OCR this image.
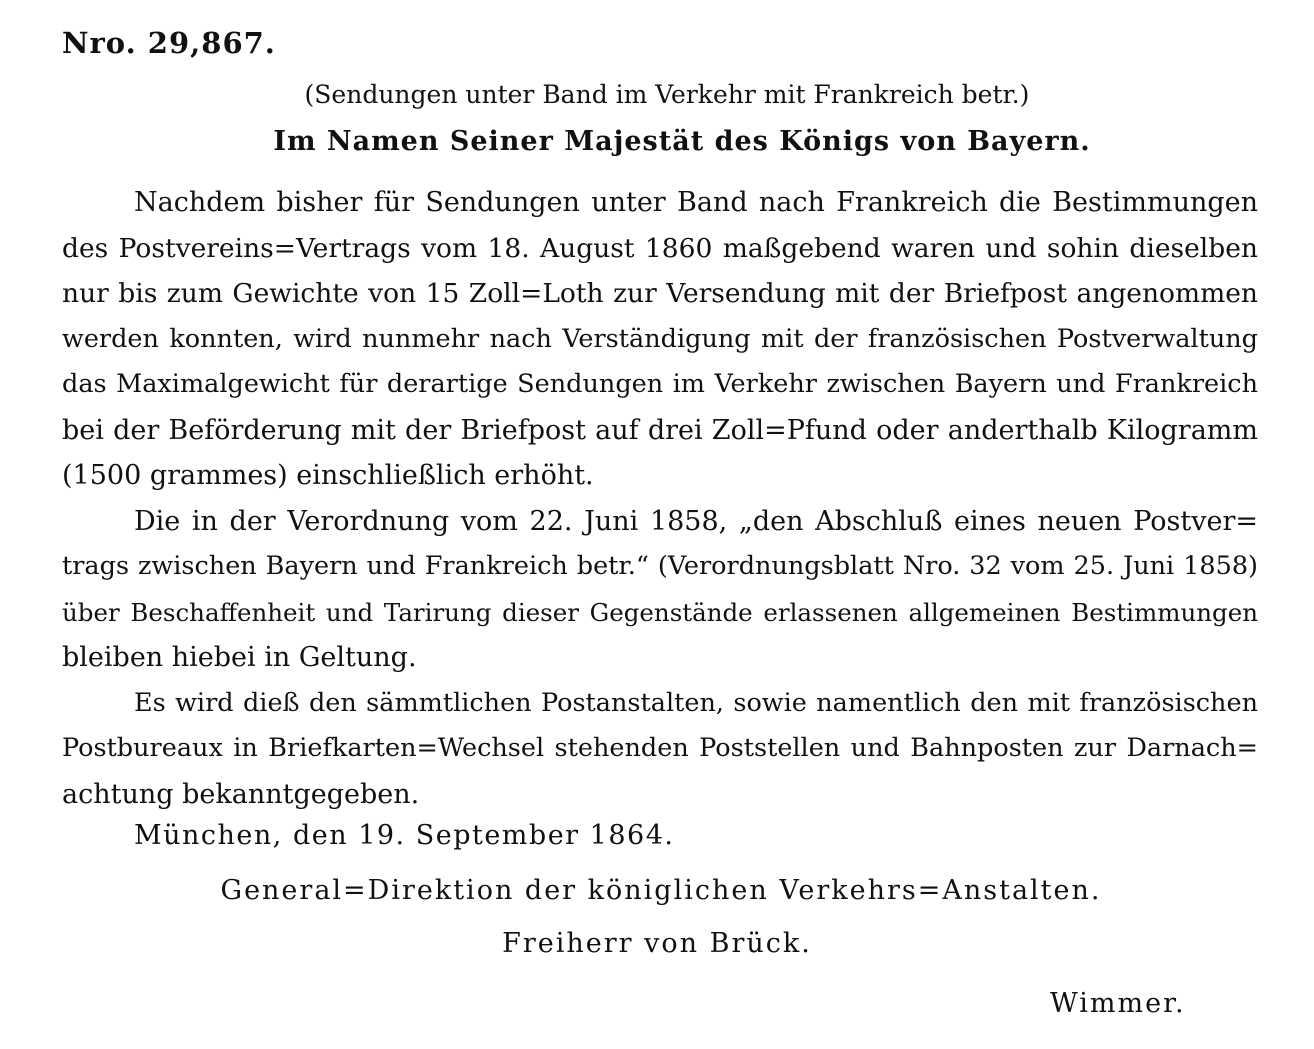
Nro. 29,867.
(Sendungen unter Band im Verkehr mit Frankreich betr.)
Im Namen Seiner Majestät des Königs von Bayern.

Nachdem bisher für Sendungen unter Band nach Frankreich die Bestimmungen
des Postvereins=Vertrags vom 18. August 1860 maßgebend waren und sohin dieselben
nur bis zum Gewichte von 15 Zoll=Loth zur Versendung mit der Briefpost angenommen
werden konnten, wird nunmehr nach Verständigung mit der französischen Postverwaltung
das Maximalgewicht für derartige Sendungen im Verkehr zwischen Bayern und Frankreich
bei der Beförderung mit der Briefpost auf drei Zoll=Pfund oder anderthalb Kilogramm
(1500 grammes) einschließlich erhöht.

Die in der Verordnung vom 22. Juni 1858, „den Abschluß eines neuen Postver=
trags zwischen Bayern und Frankreich betr.“ (Verordnungsblatt Nro. 32 vom 25. Juni 1858)
über Beschaffenheit und Tarirung dieser Gegenstände erlassenen allgemeinen Bestimmungen
bleiben hiebei in Geltung.

Es wird dieß den sämmtlichen Postanstalten, sowie namentlich den mit französischen
Postbureaux in Briefkarten=Wechsel stehenden Poststellen und Bahnposten zur Darnach=
achtung bekanntgegeben.

München, den 19. September 1864.
General=Direktion der königlichen Verkehrs=Anstalten.
Freiherr von Brück.
Wimmer.
